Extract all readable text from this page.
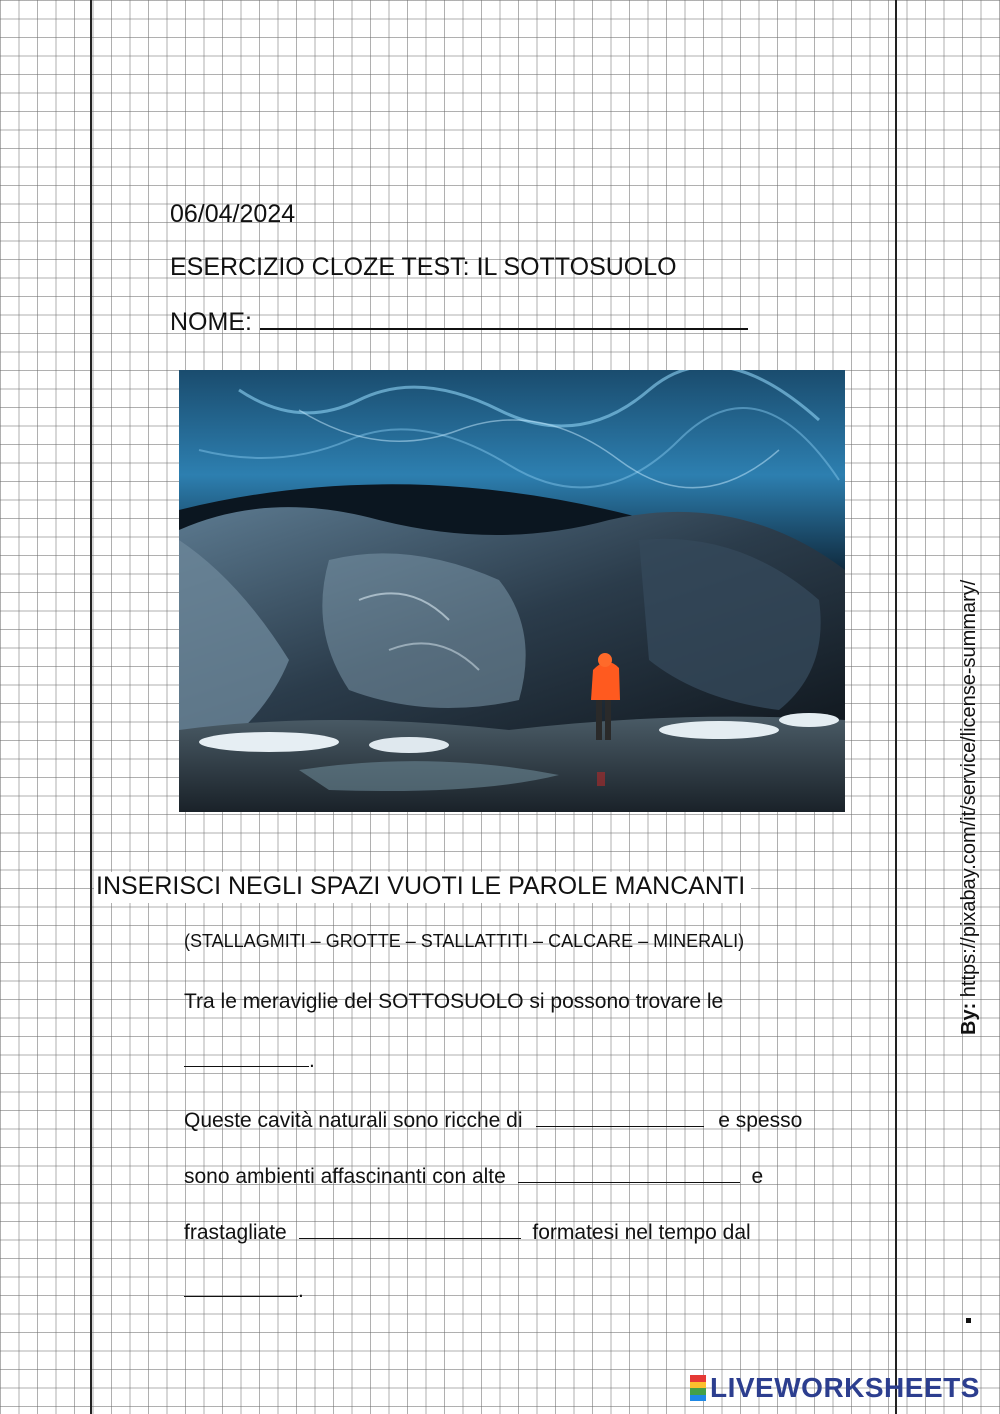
06/04/2024
ESERCIZIO CLOZE TEST: IL SOTTOSUOLO
NOME:
INSERISCI NEGLI SPAZI VUOTI LE PAROLE MANCANTI
(STALLAGMITI – GROTTE – STALLATTITI – CALCARE – MINERALI)
Tra le meraviglie del SOTTOSUOLO si possono trovare le
.
Queste cavità naturali sono ricche di	e spesso
sono ambienti affascinanti con alte	e
frastagliate	formatesi nel tempo dal
.
By: https://pixabay.com/it/service/license-summary/
LIVEWORKSHEETS
